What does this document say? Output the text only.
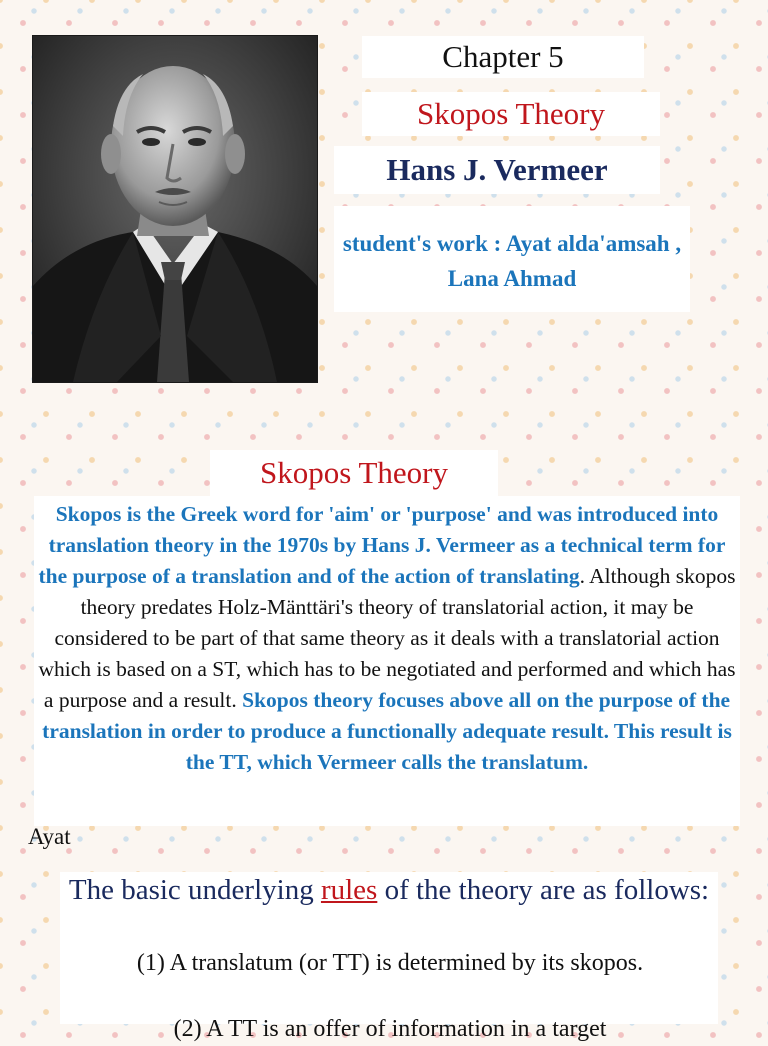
Chapter 5
Skopos Theory
Hans J. Vermeer
student's work : Ayat alda'amsah , Lana Ahmad
Skopos Theory
Skopos is the Greek word for 'aim' or 'purpose' and was introduced into translation theory in the 1970s by Hans J. Vermeer as a technical term for the purpose of a translation and of the action of translating. Although skopos theory predates Holz-Mänttäri's theory of translatorial action, it may be considered to be part of that same theory as it deals with a translatorial action which is based on a ST, which has to be negotiated and performed and which has a purpose and a result. Skopos theory focuses above all on the purpose of the translation in order to produce a functionally adequate result. This result is the TT, which Vermeer calls the translatum.
Ayat
The basic underlying rules of the theory are as follows:
(1) A translatum (or TT) is determined by its skopos.
(2) A TT is an offer of information in a target
